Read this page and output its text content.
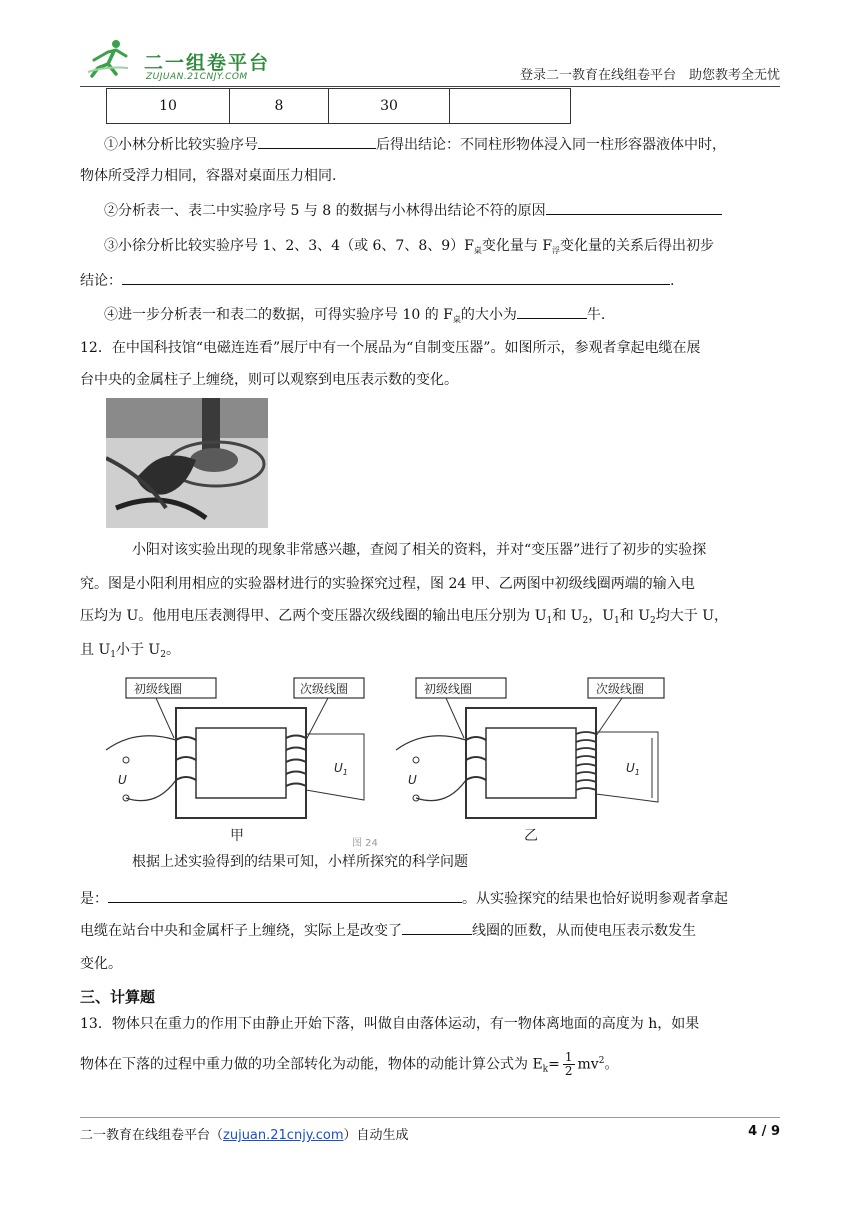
二一组卷平台
ZUJUAN.21CNJY.COM	登录二一教育在线组卷平台　助您教考全无忧
10	8	30	
①小林分析比较实验序号	后得出结论：不同柱形物体浸入同一柱形容器液体中时，
物体所受浮力相同，容器对桌面压力相同.
②分析表一、表二中实验序号 5 与 8 的数据与小林得出结论不符的原因
③小徐分析比较实验序号 1、2、3、4（或 6、7、8、$9)F_桌$变化量与 $F_浮$变化量的关系后得出初步
结论：	.
④进一步分析表一和表二的数据，可得实验序号 10 的 $F_桌$的大小为	牛.
12．在中国科技馆“电磁连连看”展厅中有一个展品为“自制变压器”。如图所示，参观者拿起电缆在展
台中央的金属柱子上缠绕，则可以观察到电压表示数的变化。
小阳对该实验出现的现象非常感兴趣，查阅了相关的资料，并对“变压器”进行了初步的实验探
究。图是小阳利用相应的实验器材进行的实验探究过程，图 24 甲、乙两图中初级线圈两端的输入电
压均为 U。他用电压表测得甲、乙两个变压器次级线圈的输出电压分别为 $U_1$和 $U_2$，$U_1$和 $U_2$均大于 U，
且 $U_1$小于 $U_2$。
初级线圈	次级线圈
U
$U_1$
甲
初级线圈	次级线圈
U
$U_1$
乙
图 24
根据上述实验得到的结果可知，小样所探究的科学问题
是：	。从实验探究的结果也恰好说明参观者拿起
电缆在站台中央和金属杆子上缠绕，实际上是改变了	线圈的匝数，从而使电压表示数发生
变化。
三、计算题
13．物体只在重力的作用下由静止开始下落，叫做自由落体运动，有一物体离地面的高度为 h，如果
物体在下落的过程中重力做的功全部转化为动能，物体的动能计算公式为 $E_k= \frac{1}{2} mv^2$。
二一教育在线组卷平台（zujuan.21cnjy.com）自动生成	4 / 9
